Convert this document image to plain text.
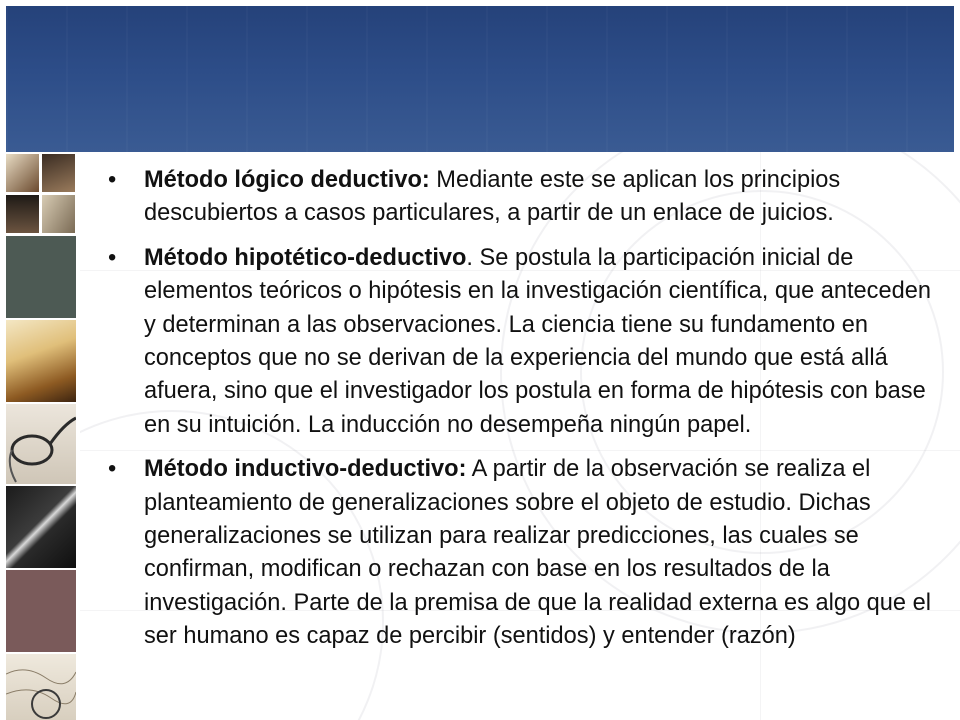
• Método lógico deductivo: Mediante este se aplican los principios descubiertos a casos particulares, a partir de un enlace de juicios.
• Método hipotético-deductivo. Se postula la participación inicial de elementos teóricos o hipótesis en la investigación científica, que anteceden y determinan a las observaciones. La ciencia tiene su fundamento en conceptos que no se derivan de la experiencia del mundo que está allá afuera, sino que el investigador los postula en forma de hipótesis con base en su intuición. La inducción no desempeña ningún papel.
• Método inductivo-deductivo: A partir de la observación se realiza el planteamiento de generalizaciones sobre el objeto de estudio. Dichas generalizaciones se utilizan para realizar predicciones, las cuales se confirman, modifican o rechazan con base en los resultados de la investigación. Parte de la premisa de que la realidad externa es algo que el ser humano es capaz de percibir (sentidos) y entender (razón)
